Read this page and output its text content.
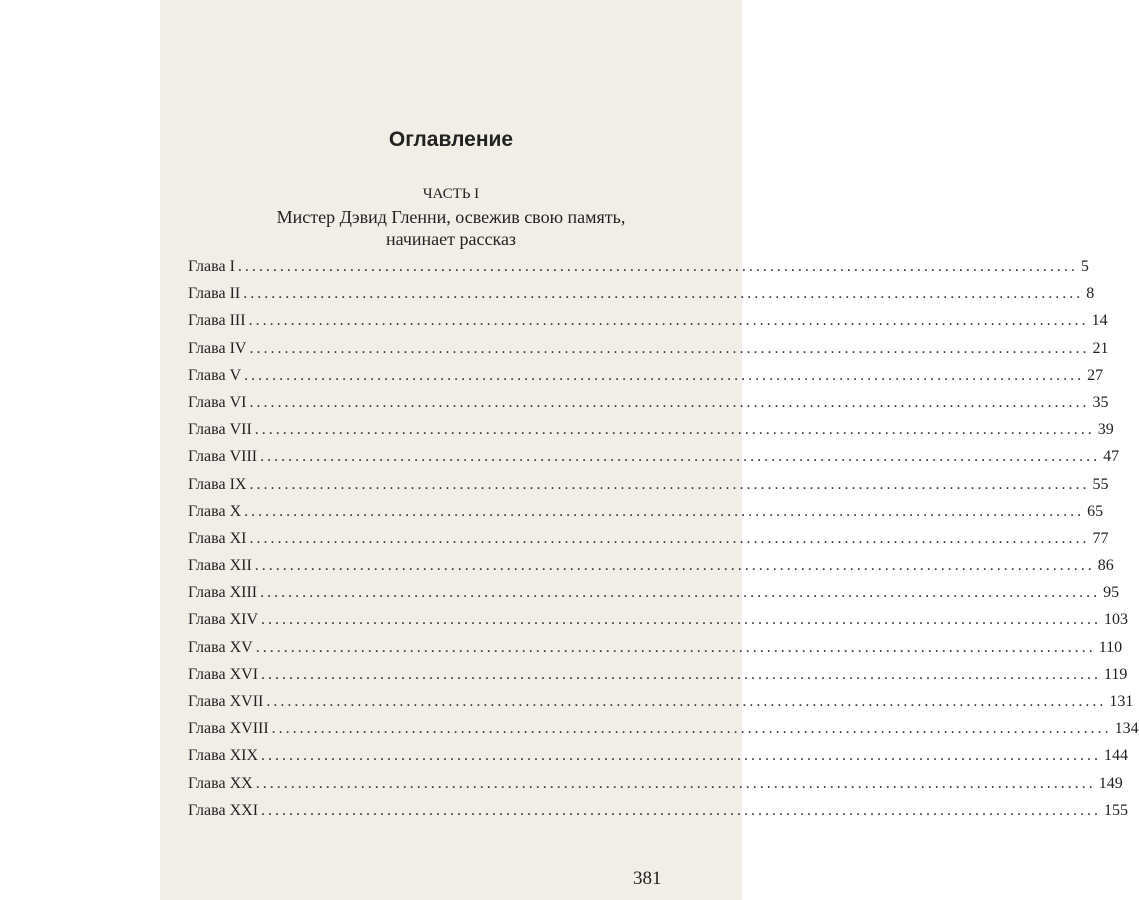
Оглавление
ЧАСТЬ I
Мистер Дэвид Гленни, освежив свою память, начинает рассказ
Глава I ........................................................................................................................ 5
Глава II ........................................................................................................................ 8
Глава III ........................................................................................................................ 14
Глава IV ........................................................................................................................ 21
Глава V ........................................................................................................................ 27
Глава VI ........................................................................................................................ 35
Глава VII ........................................................................................................................ 39
Глава VIII ........................................................................................................................ 47
Глава IX ........................................................................................................................ 55
Глава X ........................................................................................................................ 65
Глава XI ........................................................................................................................ 77
Глава XII ........................................................................................................................ 86
Глава XIII ........................................................................................................................ 95
Глава XIV ........................................................................................................................ 103
Глава XV ........................................................................................................................ 110
Глава XVI ........................................................................................................................ 119
Глава XVII ........................................................................................................................ 131
Глава XVIII ........................................................................................................................ 134
Глава XIX ........................................................................................................................ 144
Глава XX ........................................................................................................................ 149
Глава XXI ........................................................................................................................ 155
381
